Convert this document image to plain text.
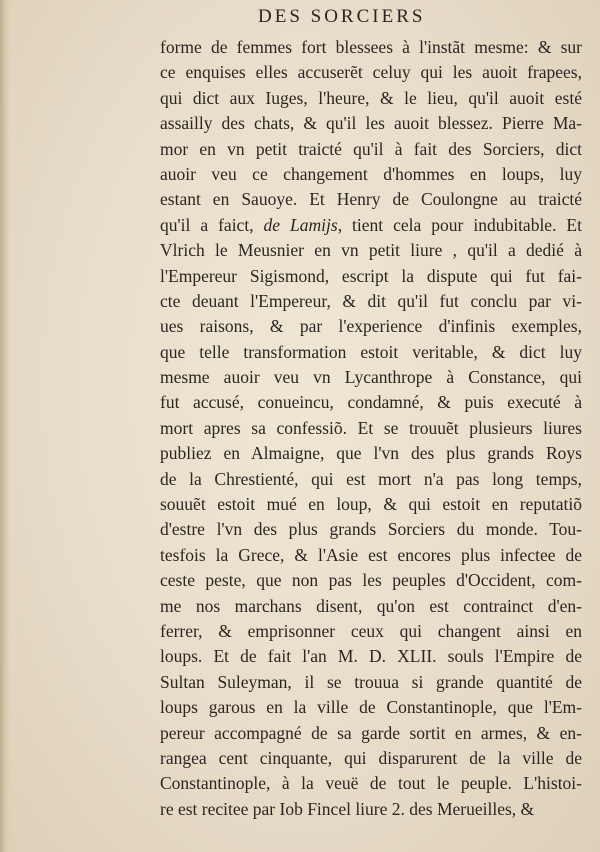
DES SORCIERS
forme de femmes fort blessees à l'instãt mesme: & sur
ce enquises elles accuserẽt celuy qui les auoit frapees,
qui dict aux Iuges, l'heure, & le lieu, qu'il auoit esté
assailly des chats, & qu'il les auoit blessez. Pierre Ma-
mor en vn petit traicté qu'il à fait des Sorciers, dict
auoir veu ce changement d'hommes en loups, luy
estant en Sauoye. Et Henry de Coulongne au traicté
qu'il a faict, de Lamijs, tient cela pour indubitable. Et
Vlrich le Meusnier en vn petit liure , qu'il a dedié à
l'Empereur Sigismond, escript la dispute qui fut fai-
cte deuant l'Empereur, & dit qu'il fut conclu par vi-
ues raisons, & par l'experience d'infinis exemples,
que telle transformation estoit veritable, & dict luy
mesme auoir veu vn Lycanthrope à Constance, qui
fut accusé, conueincu, condamné, & puis executé à
mort apres sa confessiõ. Et se trouuẽt plusieurs liures
publiez en Almaigne, que l'vn des plus grands Roys
de la Chrestienté, qui est mort n'a pas long temps,
souuẽt estoit mué en loup, & qui estoit en reputatiõ
d'estre l'vn des plus grands Sorciers du monde. Tou-
tesfois la Grece, & l'Asie est encores plus infectee de
ceste peste, que non pas les peuples d'Occident, com-
me nos marchans disent, qu'on est contrainct d'en-
ferrer, & emprisonner ceux qui changent ainsi en
loups. Et de fait l'an M. D. XLII. souls l'Empire de
Sultan Suleyman, il se trouua si grande quantité de
loups garous en la ville de Constantinople, que l'Em-
pereur accompagné de sa garde sortit en armes, & en-
rangea cent cinquante, qui disparurent de la ville de
Constantinople, à la veuë de tout le peuple. L'histoi-
re est recitee par Iob Fincel liure 2. des Merueilles, &
